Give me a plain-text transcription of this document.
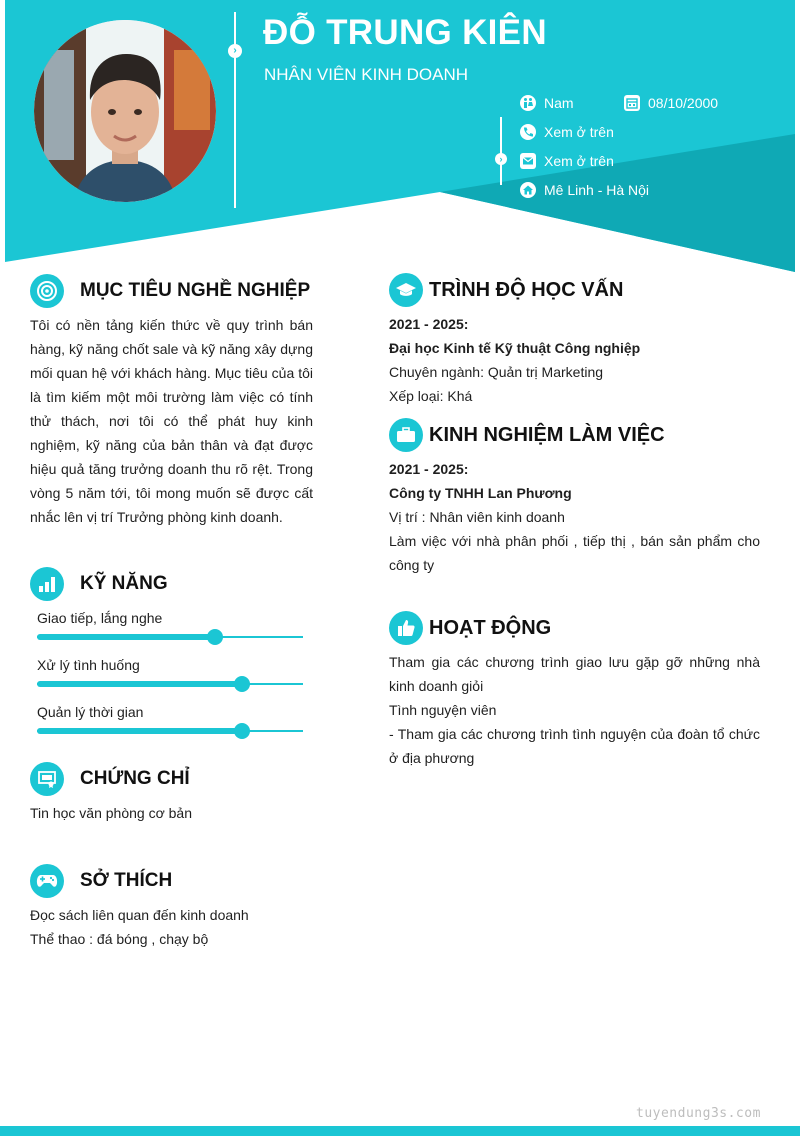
› ĐỖ TRUNG KIÊN
NHÂN VIÊN KINH DOANH
Nam	08/10/2000
›
Xem ở trên
Xem ở trên
Mê Linh - Hà Nội
MỤC TIÊU NGHỀ NGHIỆP
Tôi có nền tảng kiến thức về quy trình bán hàng, kỹ năng chốt sale và kỹ năng xây dựng mối quan hệ với khách hàng. Mục tiêu của tôi là tìm kiếm một môi trường làm việc có tính thử thách, nơi tôi có thể phát huy kinh nghiệm, kỹ năng của bản thân và đạt được hiệu quả tăng trưởng doanh thu rõ rệt. Trong vòng 5 năm tới, tôi mong muốn sẽ được cất nhắc lên vị trí Trưởng phòng kinh doanh.
KỸ NĂNG
Giao tiếp, lắng nghe
Xử lý tình huống
Quản lý thời gian
CHỨNG CHỈ
Tin học văn phòng cơ bản
SỞ THÍCH
Đọc sách liên quan đến kinh doanh
Thể thao : đá bóng , chạy bộ
TRÌNH ĐỘ HỌC VẤN
2021 - 2025:
Đại học Kinh tế Kỹ thuật Công nghiệp
Chuyên ngành: Quản trị Marketing
Xếp loại: Khá
KINH NGHIỆM LÀM VIỆC
2021 - 2025:
Công ty TNHH Lan Phương
Vị trí : Nhân viên kinh doanh
Làm việc với nhà phân phối , tiếp thị , bán sản phẩm cho công ty
HOẠT ĐỘNG
Tham gia các chương trình giao lưu gặp gỡ những nhà kinh doanh giỏi
Tình nguyện viên
- Tham gia các chương trình tình nguyện của đoàn tổ chức ở địa phương
tuyendung3s.com
